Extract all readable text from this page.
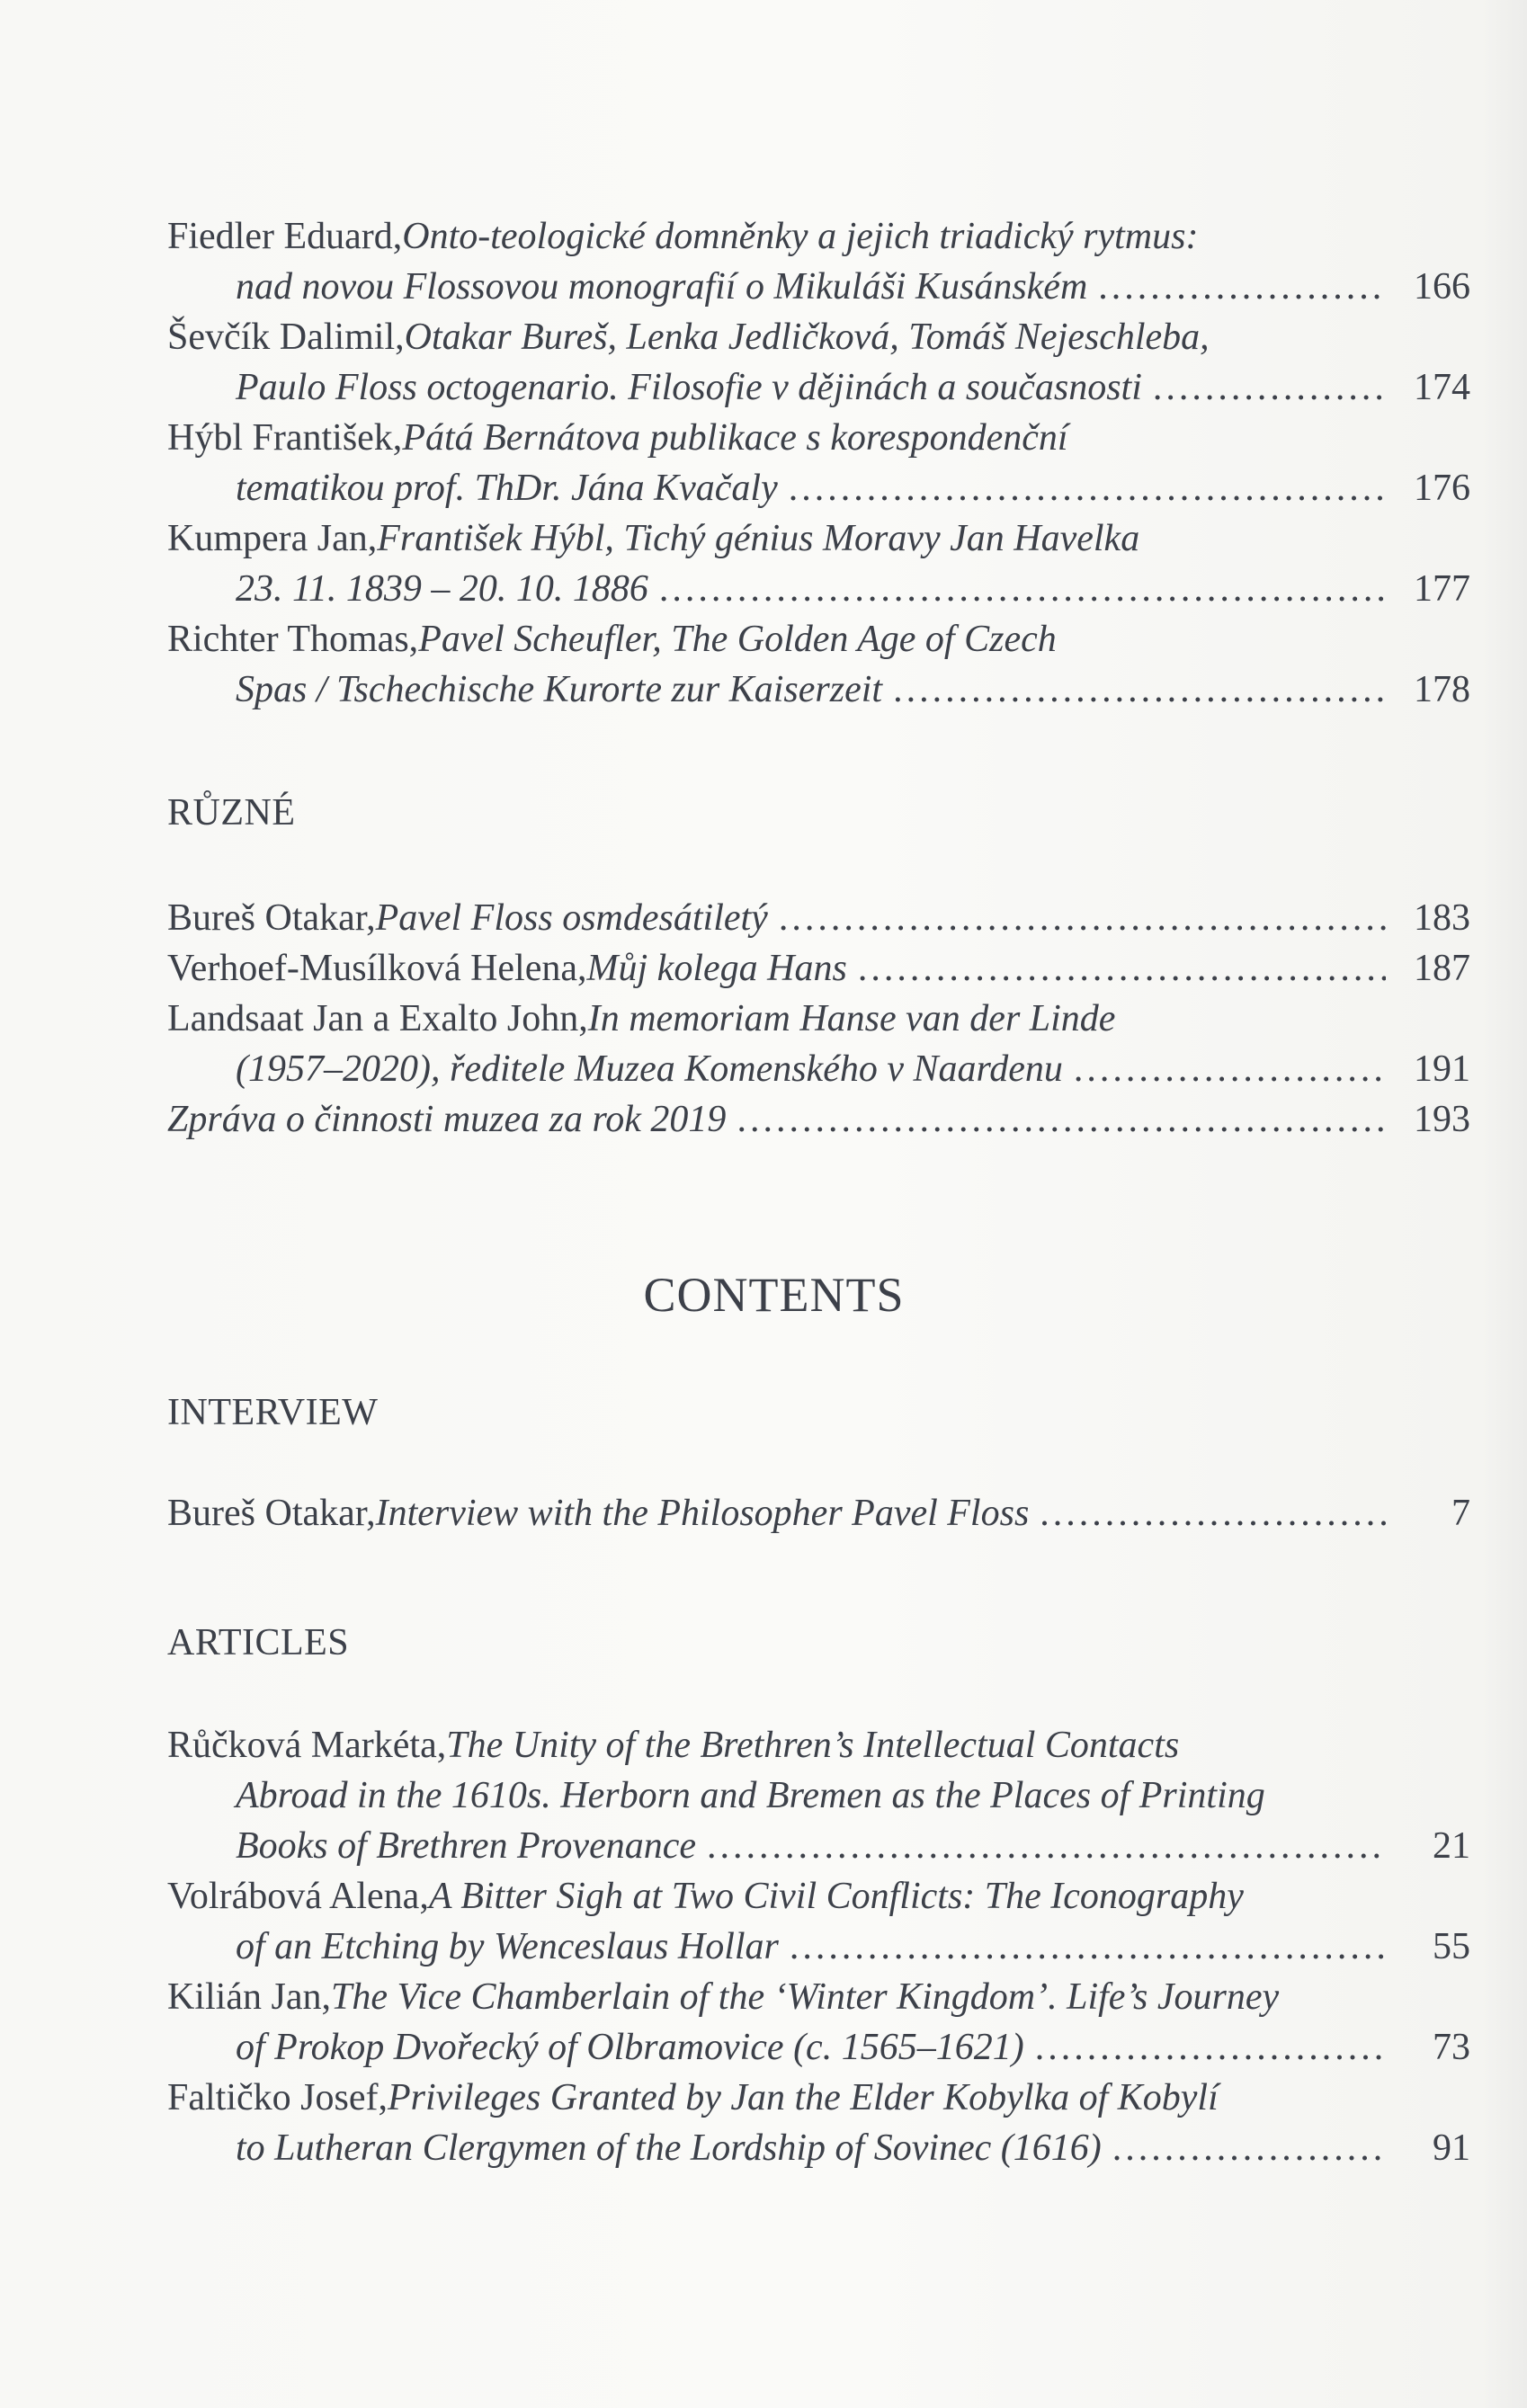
Fiedler Eduard, Onto-teologické domněnky a jejich triadický rytmus:
nad novou Flossovou monografií o Mikuláši Kusánském .....	166
Ševčík Dalimil, Otakar Bureš, Lenka Jedličková, Tomáš Nejeschleba,
Paulo Floss octogenario. Filosofie v dějinách a současnosti .....	174
Hýbl František, Pátá Bernátova publikace s korespondenční
tematikou prof. ThDr. Jána Kvačaly .....	176
Kumpera Jan, František Hýbl, Tichý génius Moravy Jan Havelka
23. 11. 1839 – 20. 10. 1886 .....	177
Richter Thomas, Pavel Scheufler, The Golden Age of Czech
Spas / Tschechische Kurorte zur Kaiserzeit .....	178
RŮZNÉ
Bureš Otakar, Pavel Floss osmdesátiletý .....	183
Verhoef-Musílková Helena, Můj kolega Hans .....	187
Landsaat Jan a Exalto John, In memoriam Hanse van der Linde
(1957–2020), ředitele Muzea Komenského v Naardenu .....	191
Zpráva o činnosti muzea za rok 2019 .....	193
CONTENTS
INTERVIEW
Bureš Otakar, Interview with the Philosopher Pavel Floss .....	7
ARTICLES
Růčková Markéta, The Unity of the Brethren’s Intellectual Contacts
Abroad in the 1610s. Herborn and Bremen as the Places of Printing
Books of Brethren Provenance .....	21
Volrábová Alena, A Bitter Sigh at Two Civil Conflicts: The Iconography
of an Etching by Wenceslaus Hollar .....	55
Kilián Jan, The Vice Chamberlain of the ‘Winter Kingdom’. Life’s Journey
of Prokop Dvořecký of Olbramovice (c. 1565–1621) .....	73
Faltičko Josef, Privileges Granted by Jan the Elder Kobylka of Kobylí
to Lutheran Clergymen of the Lordship of Sovinec (1616) .....	91
